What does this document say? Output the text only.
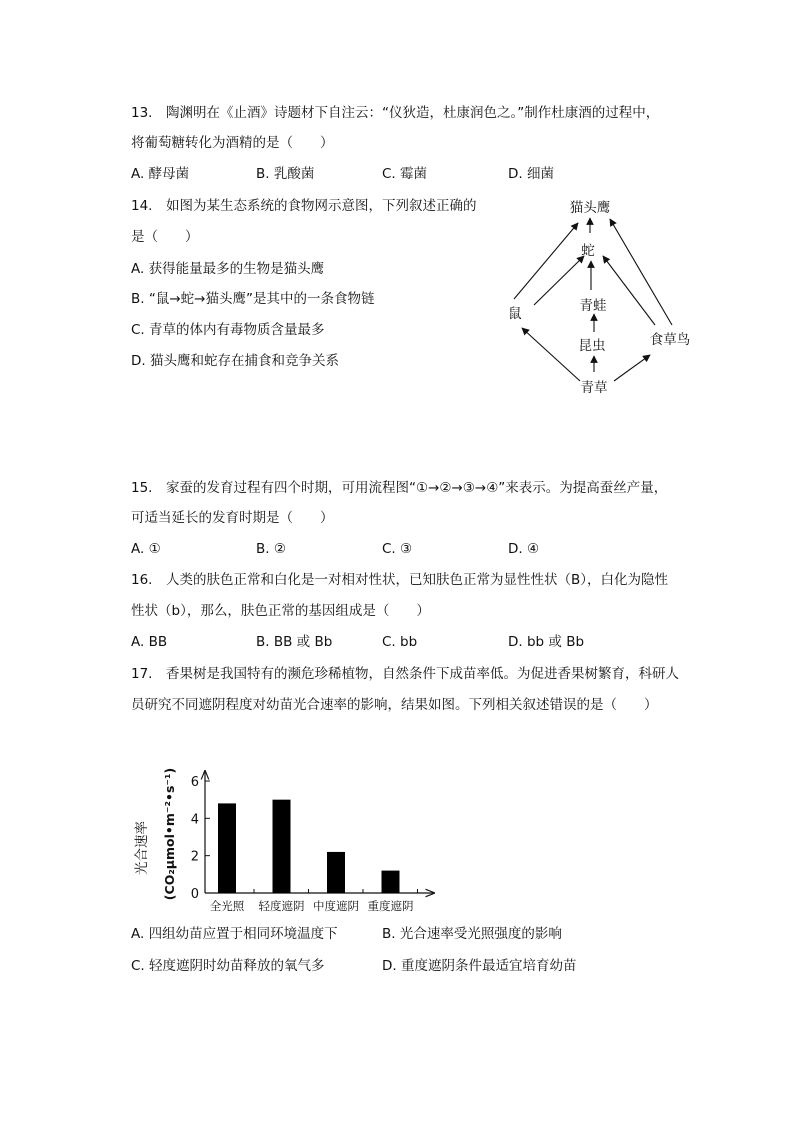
13.　陶渊明在《止酒》诗题材下自注云：“仪狄造，杜康润色之。”制作杜康酒的过程中，
将葡萄糖转化为酒精的是（　　）
A. 酵母菌	B. 乳酸菌	C. 霉菌	D. 细菌
14.　如图为某生态系统的食物网示意图，下列叙述正确的
是（　　）
A. 获得能量最多的生物是猫头鹰
B. “鼠→蛇→猫头鹰”是其中的一条食物链
C. 青草的体内有毒物质含量最多
D. 猫头鹰和蛇存在捕食和竞争关系
猫头鹰
蛇
青蛙
鼠
昆虫	食草鸟
青草
15.　家蚕的发育过程有四个时期，可用流程图“①→②→③→④”来表示。为提高蚕丝产量，
可适当延长的发育时期是（　　）
A. ①	B. ②	C. ③	D. ④
16.　人类的肤色正常和白化是一对相对性状，已知肤色正常为显性性状（B），白化为隐性
性状（b），那么，肤色正常的基因组成是（　　）
A. BB	B. BB 或 Bb	C. bb	D. bb 或 Bb
17.　香果树是我国特有的濒危珍稀植物，自然条件下成苗率低。为促进香果树繁育，科研人
员研究不同遮阴程度对幼苗光合速率的影响，结果如图。下列相关叙述错误的是（　　）
0
2
4
6
全光照 轻度遮阴 中度遮阴 重度遮阴
光合速率 (CO₂μmol•m⁻²•s⁻¹)
A. 四组幼苗应置于相同环境温度下	B. 光合速率受光照强度的影响
C. 轻度遮阴时幼苗释放的氧气多	D. 重度遮阴条件最适宜培育幼苗
